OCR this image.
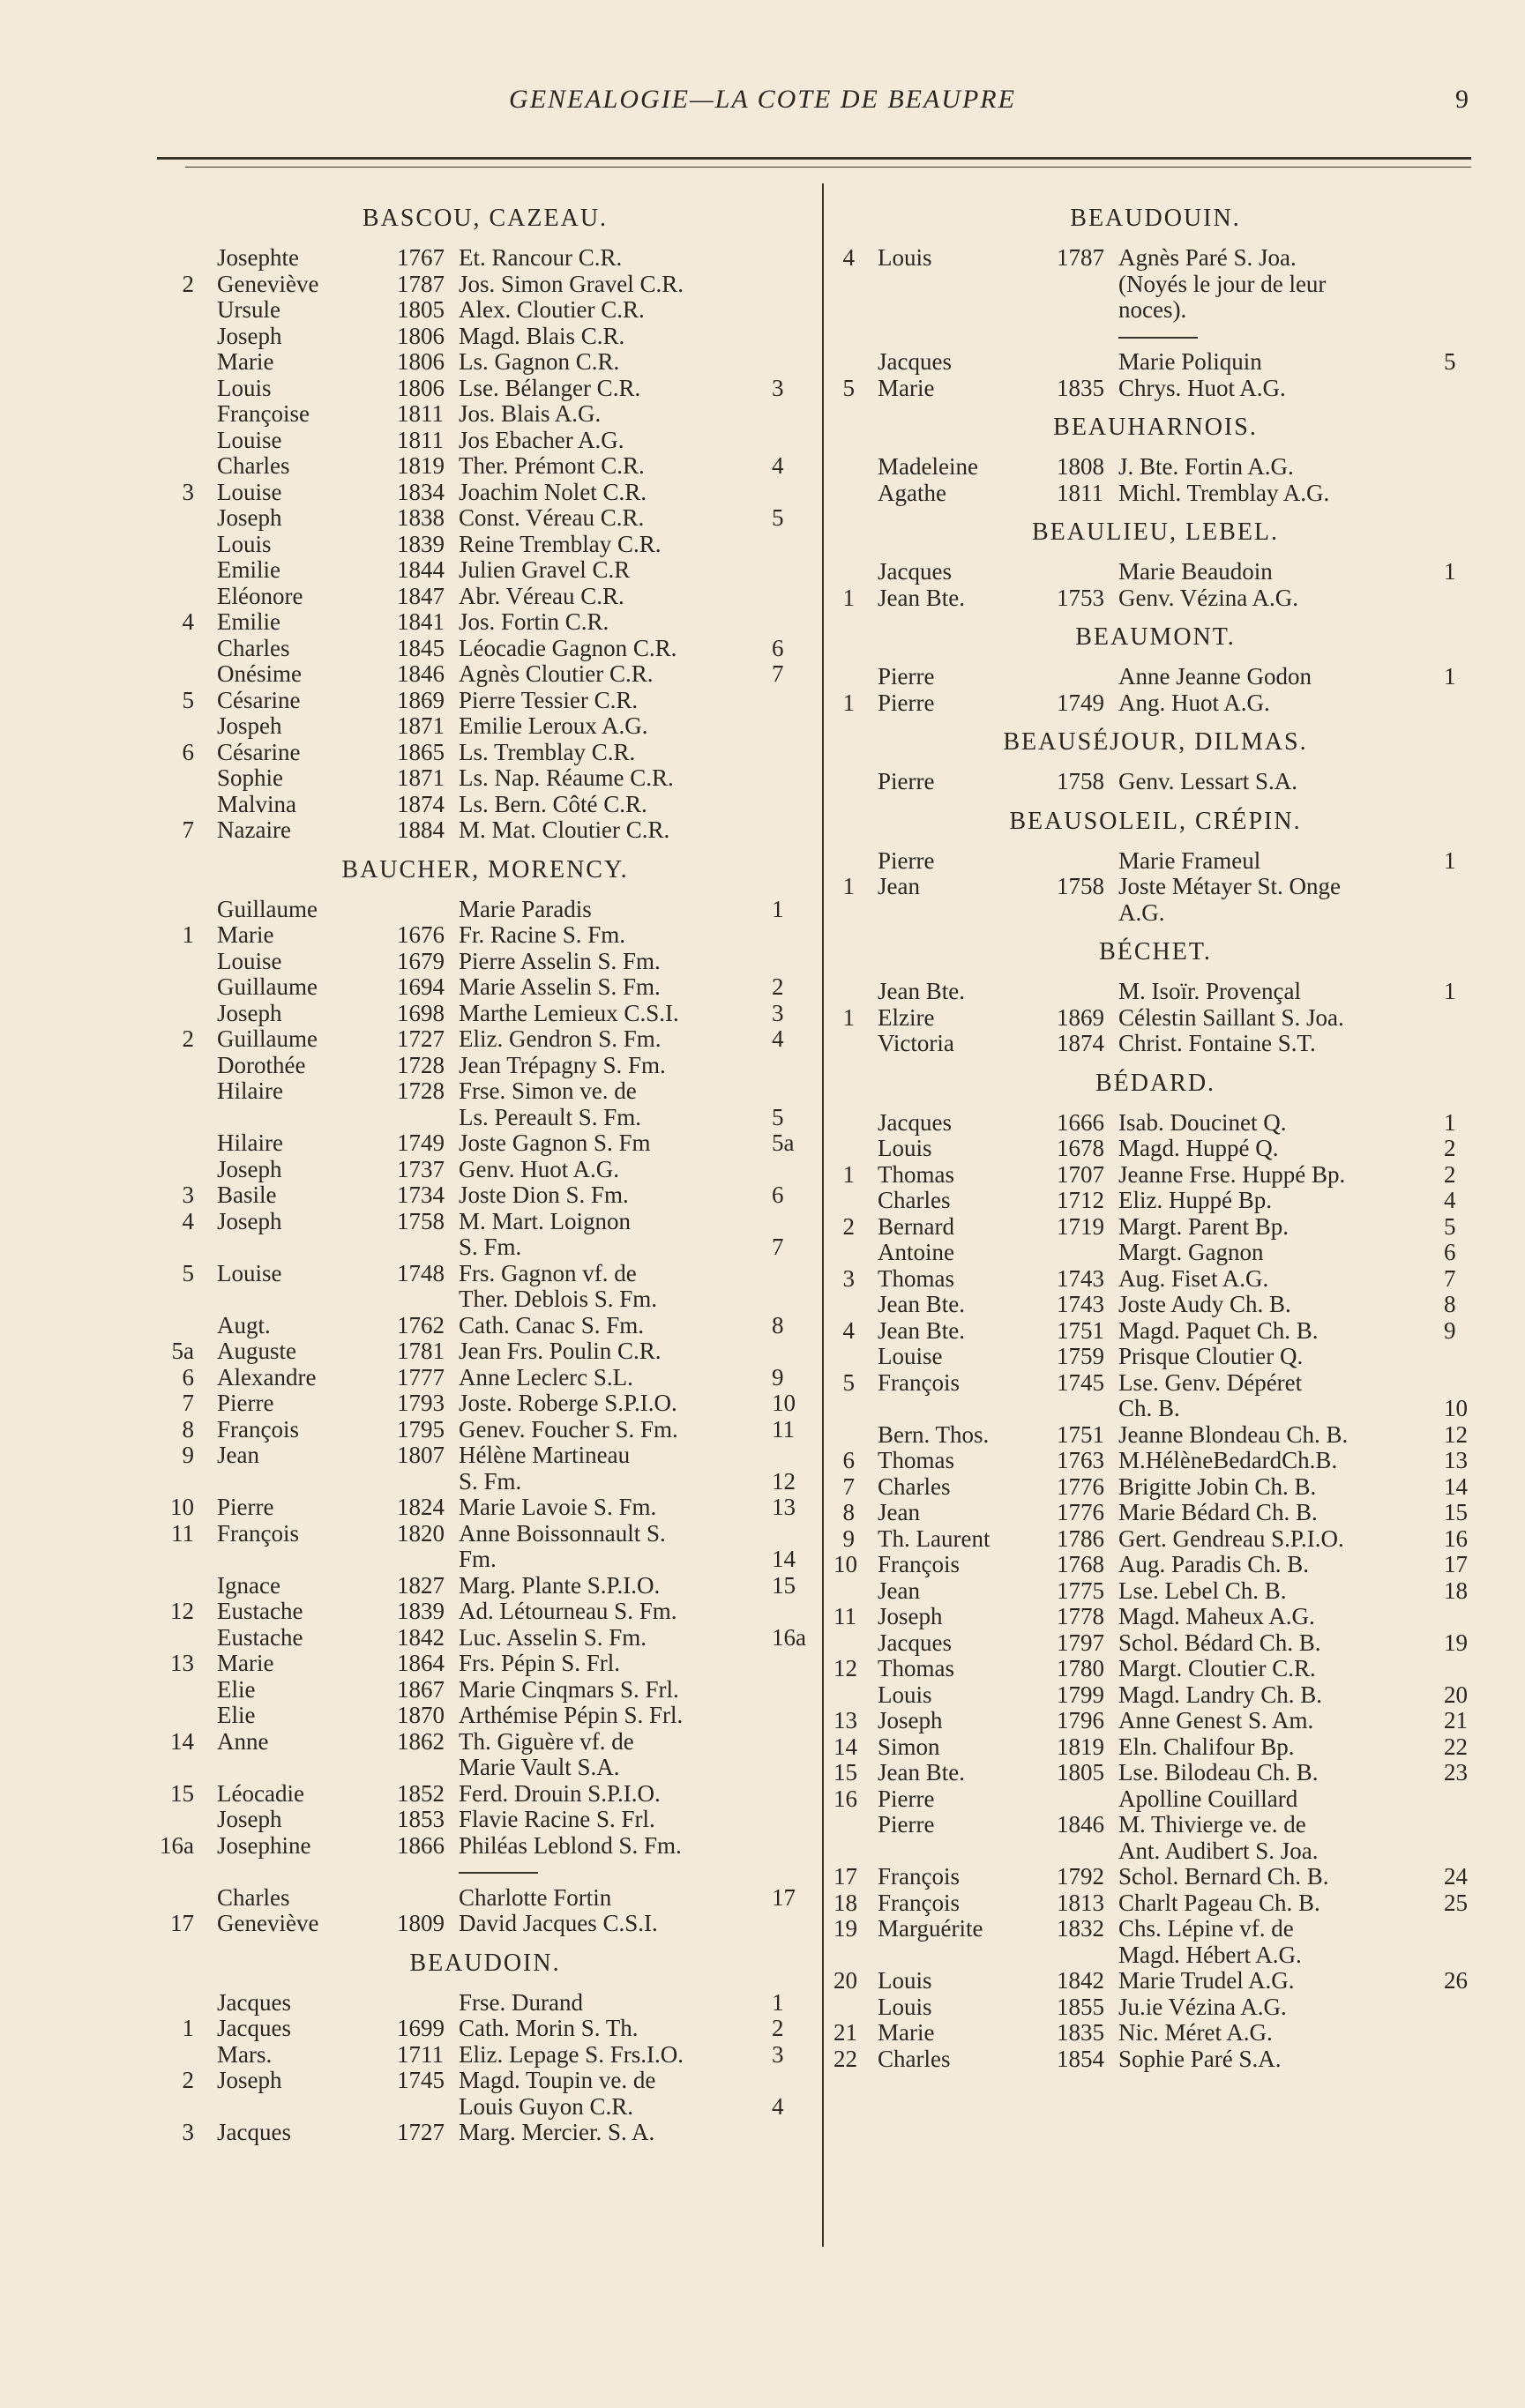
GENEALOGIE—LA COTE DE BEAUPRE	9
BASCOU, CAZEAU.
Josephte	1767 Et. Rancour C.R.
2 Geneviève	1787 Jos. Simon Gravel C.R.
Ursule	1805 Alex. Cloutier C.R.
Joseph	1806 Magd. Blais C.R.
Marie	1806 Ls. Gagnon C.R.
Louis	1806 Lse. Bélanger C.R.	3
Françoise	1811 Jos. Blais A.G.
Louise	1811 Jos Ebacher A.G.
Charles	1819 Ther. Prémont C.R.	4
3 Louise	1834 Joachim Nolet C.R.
Joseph	1838 Const. Véreau C.R.	5
Louis	1839 Reine Tremblay C.R.
Emilie	1844 Julien Gravel C.R
Eléonore	1847 Abr. Véreau C.R.
4 Emilie	1841 Jos. Fortin C.R.
Charles	1845 Léocadie Gagnon C.R.	6
Onésime	1846 Agnès Cloutier C.R.	7
5 Césarine	1869 Pierre Tessier C.R.
Jospeh	1871 Emilie Leroux A.G.
6 Césarine	1865 Ls. Tremblay C.R.
Sophie	1871 Ls. Nap. Réaume C.R.
Malvina	1874 Ls. Bern. Côté C.R.
7 Nazaire	1884 M. Mat. Cloutier C.R.
BAUCHER, MORENCY.
Guillaume	Marie Paradis	1
1 Marie	1676 Fr. Racine S. Fm.
Louise	1679 Pierre Asselin S. Fm.
Guillaume	1694 Marie Asselin S. Fm.	2
Joseph	1698 Marthe Lemieux C.S.I.	3
2 Guillaume	1727 Eliz. Gendron S. Fm.	4
Dorothée	1728 Jean Trépagny S. Fm.
Hilaire	1728 Frse. Simon ve. de
Ls. Pereault S. Fm.	5
Hilaire	1749 Joste Gagnon S. Fm	5a
Joseph	1737 Genv. Huot A.G.
3 Basile	1734 Joste Dion S. Fm.	6
4 Joseph	1758 M. Mart. Loignon
S. Fm.	7
5 Louise	1748 Frs. Gagnon vf. de
Ther. Deblois S. Fm.
Augt.	1762 Cath. Canac S. Fm.	8
5a Auguste	1781 Jean Frs. Poulin C.R.
6 Alexandre	1777 Anne Leclerc S.L.	9
7 Pierre	1793 Joste. Roberge S.P.I.O.	10
8 François	1795 Genev. Foucher S. Fm.	11
9 Jean	1807 Hélène Martineau
S. Fm.	12
10 Pierre	1824 Marie Lavoie S. Fm.	13
11 François	1820 Anne Boissonnault S.
Fm.	14
Ignace	1827 Marg. Plante S.P.I.O.	15
12 Eustache	1839 Ad. Létourneau S. Fm.
Eustache	1842 Luc. Asselin S. Fm.	16a
13 Marie	1864 Frs. Pépin S. Frl.
Elie	1867 Marie Cinqmars S. Frl.
Elie	1870 Arthémise Pépin S. Frl.
14 Anne	1862 Th. Giguère vf. de
Marie Vault S.A.
15 Léocadie	1852 Ferd. Drouin S.P.I.O.
Joseph	1853 Flavie Racine S. Frl.
16a Josephine	1866 Philéas Leblond S. Fm.
Charles	Charlotte Fortin	17
17 Geneviève	1809 David Jacques C.S.I.
BEAUDOIN.
Jacques	Frse. Durand	1
1 Jacques	1699 Cath. Morin S. Th.	2
Mars.	1711 Eliz. Lepage S. Frs.I.O.	3
2 Joseph	1745 Magd. Toupin ve. de
Louis Guyon C.R.	4
3 Jacques	1727 Marg. Mercier. S. A.
BEAUDOUIN.
4 Louis	1787 Agnès Paré S. Joa.
(Noyés le jour de leur
noces).
Jacques	Marie Poliquin	5
5 Marie	1835 Chrys. Huot A.G.
BEAUHARNOIS.
Madeleine	1808 J. Bte. Fortin A.G.
Agathe	1811 Michl. Tremblay A.G.
BEAULIEU, LEBEL.
Jacques	Marie Beaudoin	1
1 Jean Bte.	1753 Genv. Vézina A.G.
BEAUMONT.
Pierre	Anne Jeanne Godon	1
1 Pierre	1749 Ang. Huot A.G.
BEAUSÉJOUR, DILMAS.
Pierre	1758 Genv. Lessart S.A.
BEAUSOLEIL, CRÉPIN.
Pierre	Marie Frameul	1
1 Jean	1758 Joste Métayer St. Onge
A.G.
BÉCHET.
Jean Bte.	M. Isoïr. Provençal	1
1 Elzire	1869 Célestin Saillant S. Joa.
Victoria	1874 Christ. Fontaine S.T.
BÉDARD.
Jacques	1666 Isab. Doucinet Q.	1
Louis	1678 Magd. Huppé Q.	2
1 Thomas	1707 Jeanne Frse. Huppé Bp.	2
Charles	1712 Eliz. Huppé Bp.	4
2 Bernard	1719 Margt. Parent Bp.	5
Antoine	Margt. Gagnon	6
3 Thomas	1743 Aug. Fiset A.G.	7
Jean Bte.	1743 Joste Audy Ch. B.	8
4 Jean Bte.	1751 Magd. Paquet Ch. B.	9
Louise	1759 Prisque Cloutier Q.
5 François	1745 Lse. Genv. Dépéret
Ch. B.	10
Bern. Thos.	1751 Jeanne Blondeau Ch. B.	12
6 Thomas	1763 M.HélèneBedardCh.B.	13
7 Charles	1776 Brigitte Jobin Ch. B.	14
8 Jean	1776 Marie Bédard Ch. B.	15
9 Th. Laurent	1786 Gert. Gendreau S.P.I.O.	16
10 François	1768 Aug. Paradis Ch. B.	17
Jean	1775 Lse. Lebel Ch. B.	18
11 Joseph	1778 Magd. Maheux A.G.
Jacques	1797 Schol. Bédard Ch. B.	19
12 Thomas	1780 Margt. Cloutier C.R.
Louis	1799 Magd. Landry Ch. B.	20
13 Joseph	1796 Anne Genest S. Am.	21
14 Simon	1819 Eln. Chalifour Bp.	22
15 Jean Bte.	1805 Lse. Bilodeau Ch. B.	23
16 Pierre	Apolline Couillard
Pierre	1846 M. Thivierge ve. de
Ant. Audibert S. Joa.
17 François	1792 Schol. Bernard Ch. B.	24
18 François	1813 Charlt Pageau Ch. B.	25
19 Marguérite	1832 Chs. Lépine vf. de
Magd. Hébert A.G.
20 Louis	1842 Marie Trudel A.G.	26
Louis	1855 Ju.ie Vézina A.G.
21 Marie	1835 Nic. Méret A.G.
22 Charles	1854 Sophie Paré S.A.
